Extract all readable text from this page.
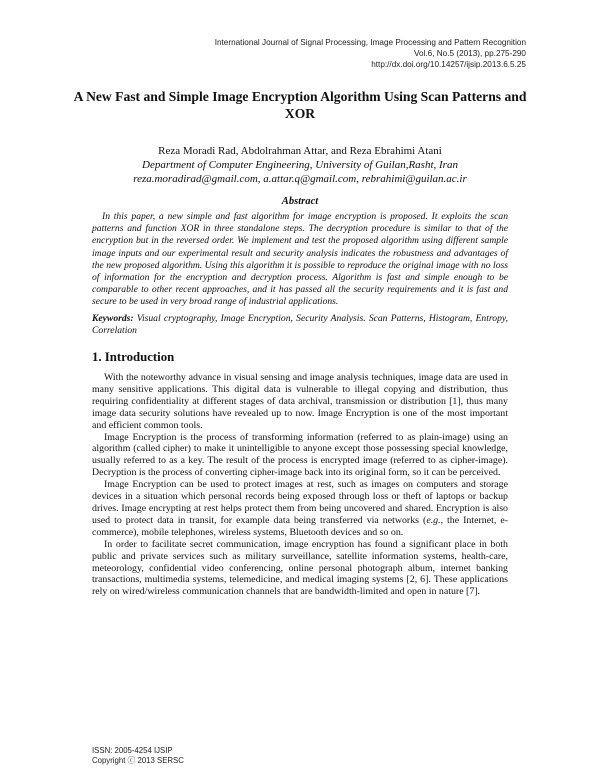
International Journal of Signal Processing, Image Processing and Pattern Recognition
Vol.6, No.5 (2013), pp.275-290
http://dx.doi.org/10.14257/ijsip.2013.6.5.25
A New Fast and Simple Image Encryption Algorithm Using Scan Patterns and XOR
Reza Moradi Rad, Abdolrahman Attar, and Reza Ebrahimi Atani
Department of Computer Engineering, University of Guilan,Rasht, Iran
reza.moradirad@gmail.com, a.attar.q@gmail.com, rebrahimi@guilan.ac.ir
Abstract

In this paper, a new simple and fast algorithm for image encryption is proposed. It exploits the scan patterns and function XOR in three standalone steps. The decryption procedure is similar to that of the encryption but in the reversed order. We implement and test the proposed algorithm using different sample image inputs and our experimental result and security analysis indicates the robustness and advantages of the new proposed algorithm. Using this algorithm it is possible to reproduce the original image with no loss of information for the encryption and decryption process. Algorithm is fast and simple enough to be comparable to other recent approaches, and it has passed all the security requirements and it is fast and secure to be used in very broad range of industrial applications.

Keywords: Visual cryptography, Image Encryption, Security Analysis. Scan Patterns, Histogram, Entropy, Correlation

1. Introduction

With the noteworthy advance in visual sensing and image analysis techniques, image data are used in many sensitive applications. This digital data is vulnerable to illegal copying and distribution, thus requiring confidentiality at different stages of data archival, transmission or distribution [1], thus many image data security solutions have revealed up to now. Image Encryption is one of the most important and efficient common tools.

Image Encryption is the process of transforming information (referred to as plain-image) using an algorithm (called cipher) to make it unintelligible to anyone except those possessing special knowledge, usually referred to as a key. The result of the process is encrypted image (referred to as cipher-image). Decryption is the process of converting cipher-image back into its original form, so it can be perceived.

Image Encryption can be used to protect images at rest, such as images on computers and storage devices in a situation which personal records being exposed through loss or theft of laptops or backup drives. Image encrypting at rest helps protect them from being uncovered and shared. Encryption is also used to protect data in transit, for example data being transferred via networks (e.g., the Internet, e-commerce), mobile telephones, wireless systems, Bluetooth devices and so on.

In order to facilitate secret communication, image encryption has found a significant place in both public and private services such as military surveillance, satellite information systems, health-care, meteorology, confidential video conferencing, online personal photograph album, internet banking transactions, multimedia systems, telemedicine, and medical imaging systems [2, 6]. These applications rely on wired/wireless communication channels that are bandwidth-limited and open in nature [7].

ISSN: 2005-4254 IJSIP
Copyright ⓒ 2013 SERSC
